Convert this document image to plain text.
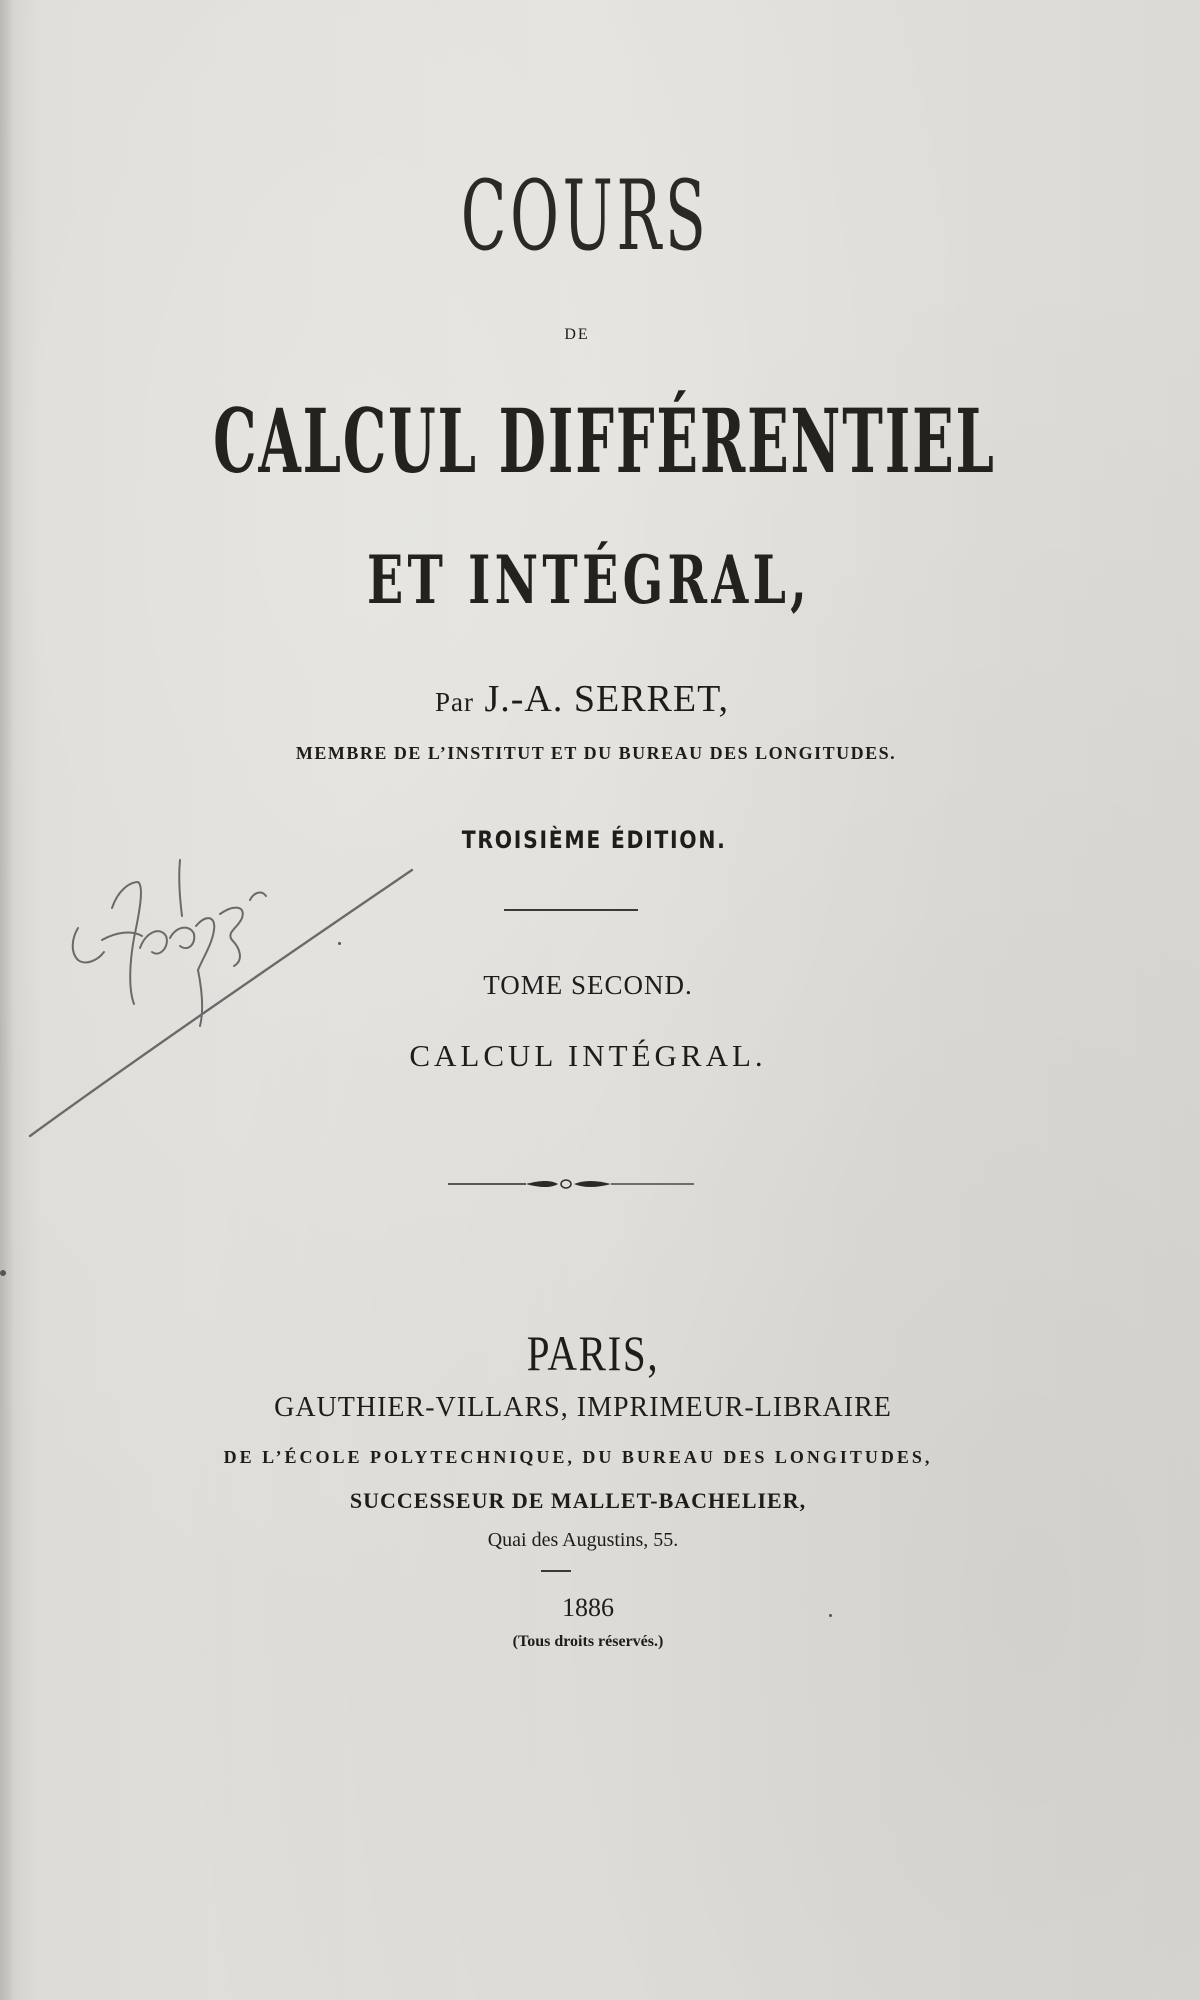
COURS
DE
CALCUL DIFFÉRENTIEL
ET INTÉGRAL,
Par J.-A. SERRET,
MEMBRE DE L’INSTITUT ET DU BUREAU DES LONGITUDES.
TROISIÈME ÉDITION.
TOME SECOND.
CALCUL INTÉGRAL.
PARIS,
GAUTHIER-VILLARS, IMPRIMEUR-LIBRAIRE
DE L’ÉCOLE POLYTECHNIQUE, DU BUREAU DES LONGITUDES,
SUCCESSEUR DE MALLET-BACHELIER,
Quai des Augustins, 55.
1886
(Tous droits réservés.)
